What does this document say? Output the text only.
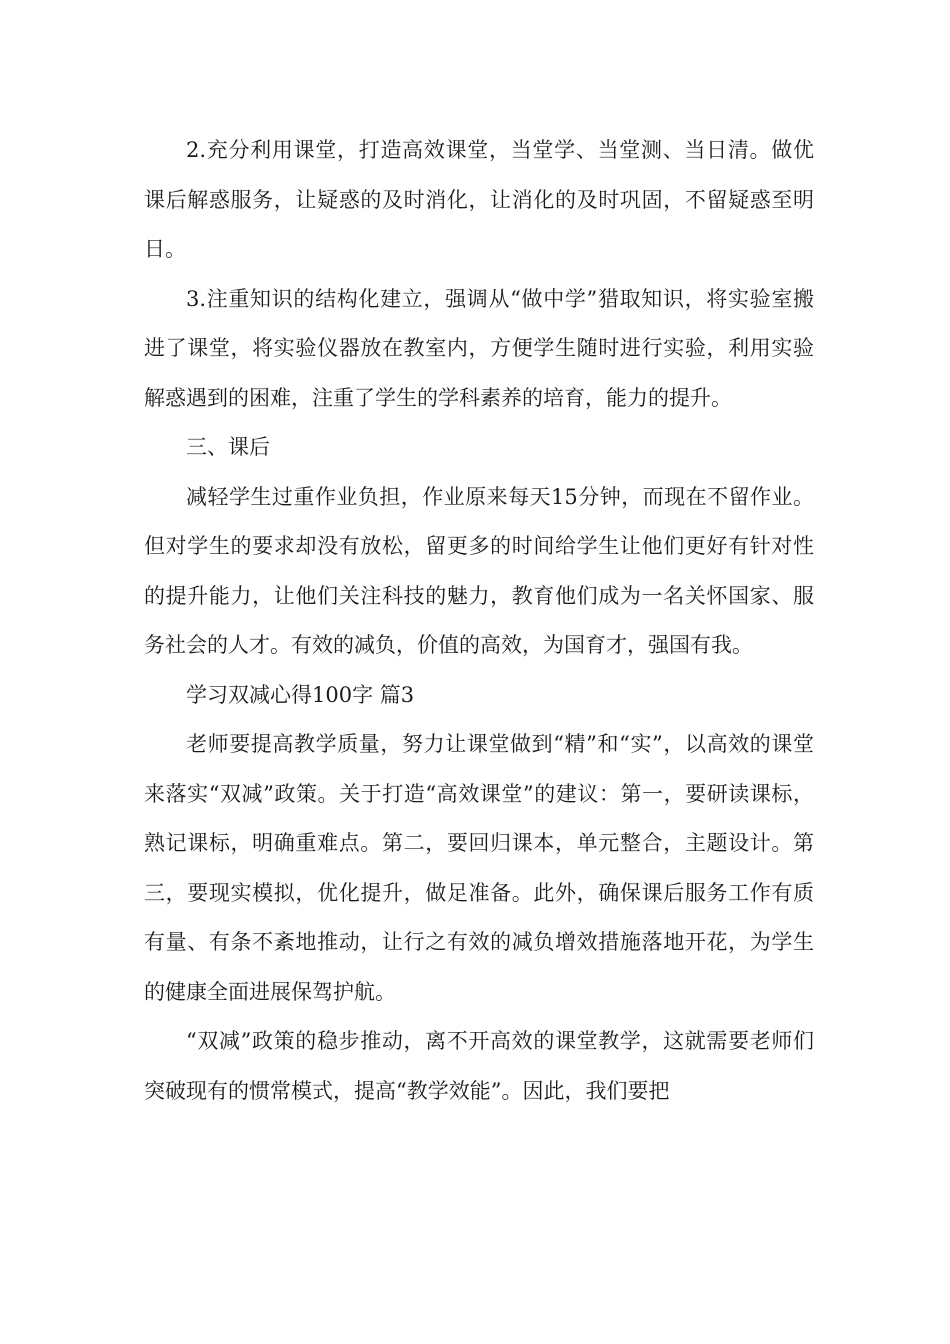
2.充分利用课堂，打造高效课堂，当堂学、当堂测、当日清。做优课后解惑服务，让疑惑的及时消化，让消化的及时巩固，不留疑惑至明日。

3.注重知识的结构化建立，强调从“做中学”猎取知识，将实验室搬进了课堂，将实验仪器放在教室内，方便学生随时进行实验，利用实验解惑遇到的困难，注重了学生的学科素养的培育，能力的提升。

三、课后

减轻学生过重作业负担，作业原来每天15分钟，而现在不留作业。但对学生的要求却没有放松，留更多的时间给学生让他们更好有针对性的提升能力，让他们关注科技的魅力，教育他们成为一名关怀国家、服务社会的人才。有效的减负，价值的高效，为国育才，强国有我。

学习双减心得100字 篇3

老师要提高教学质量，努力让课堂做到“精”和“实”，以高效的课堂来落实“双减”政策。关于打造“高效课堂”的建议：第一，要研读课标，熟记课标，明确重难点。第二，要回归课本，单元整合，主题设计。第三，要现实模拟，优化提升，做足准备。此外，确保课后服务工作有质有量、有条不紊地推动，让行之有效的减负增效措施落地开花，为学生的健康全面进展保驾护航。

“双减”政策的稳步推动，离不开高效的课堂教学，这就需要老师们突破现有的惯常模式，提高“教学效能”。因此，我们要把
